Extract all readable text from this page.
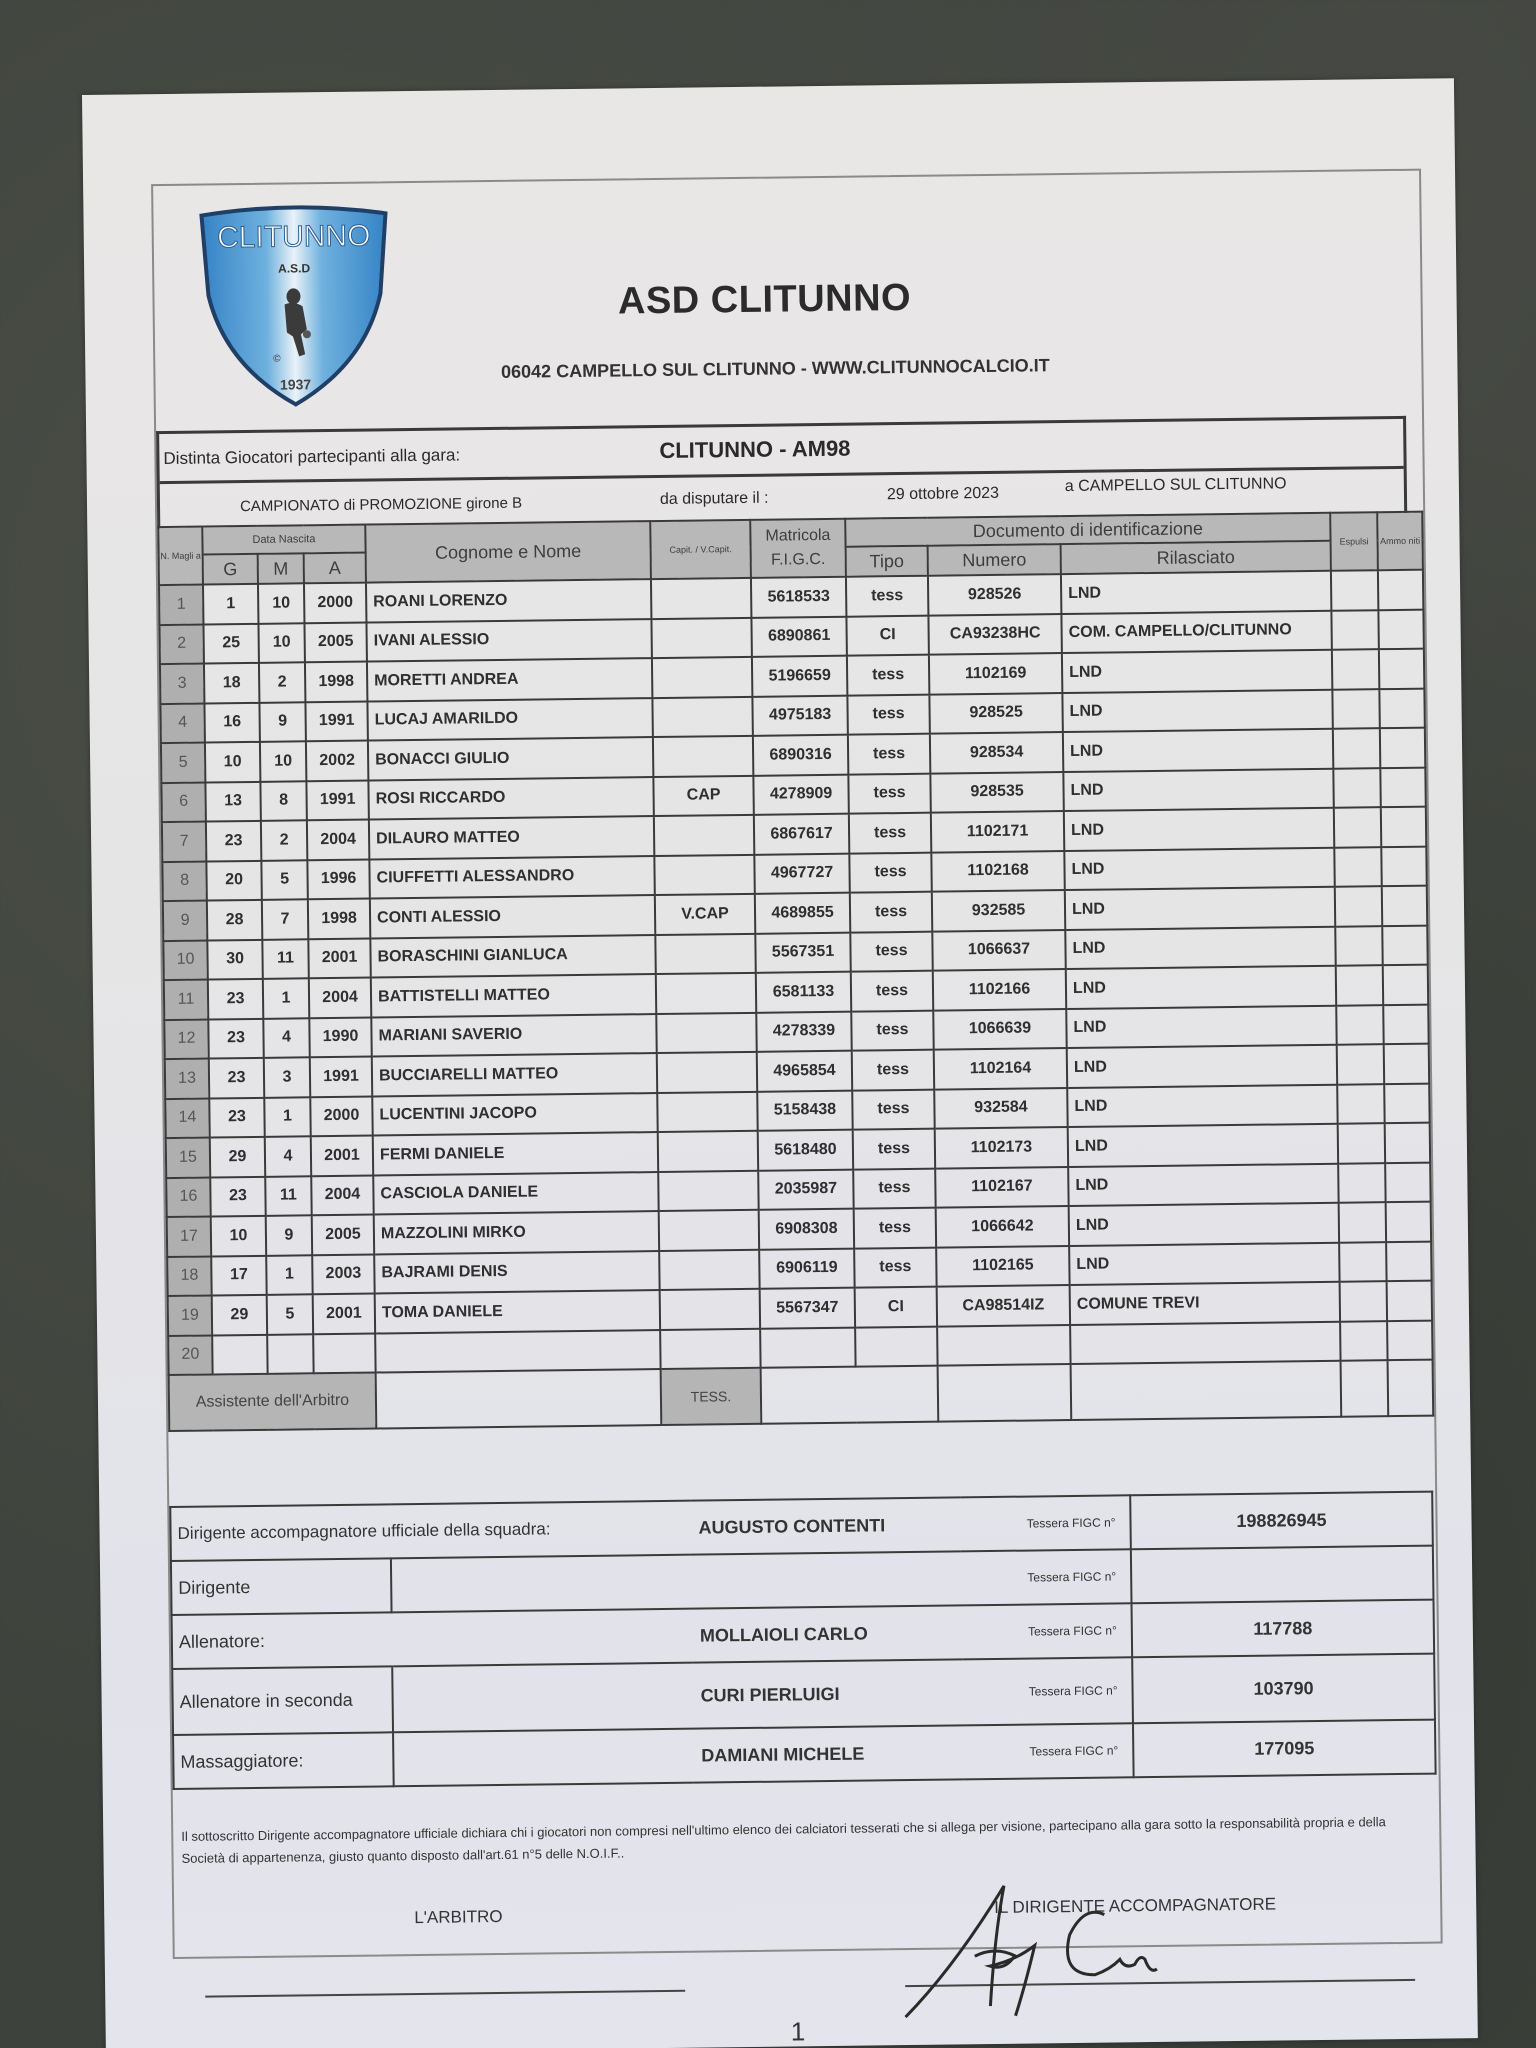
CLITUNNO
A.S.D
©
1937
ASD CLITUNNO
06042 CAMPELLO SUL CLITUNNO - WWW.CLITUNNOCALCIO.IT
Distinta Giocatori partecipanti alla gara:	CLITUNNO - AM98
CAMPIONATO di PROMOZIONE girone B	da disputare il :	29 ottobre 2023	a CAMPELLO SUL CLITUNNO
N. Magli a	Data Nascita			Cognome e Nome	Capit. / V.Capit.	Matricola F.I.G.C.	Documento di identificazione			Espulsi	Ammo niti
	G	M	A				Tipo	Numero	Rilasciato		
1	1	10	2000	ROANI LORENZO		5618533	tess	928526	LND		
2	25	10	2005	IVANI ALESSIO		6890861	CI	CA93238HC	COM. CAMPELLO/CLITUNNO		
3	18	2	1998	MORETTI ANDREA		5196659	tess	1102169	LND		
4	16	9	1991	LUCAJ AMARILDO		4975183	tess	928525	LND		
5	10	10	2002	BONACCI GIULIO		6890316	tess	928534	LND		
6	13	8	1991	ROSI RICCARDO	CAP	4278909	tess	928535	LND		
7	23	2	2004	DILAURO MATTEO		6867617	tess	1102171	LND		
8	20	5	1996	CIUFFETTI ALESSANDRO		4967727	tess	1102168	LND		
9	28	7	1998	CONTI ALESSIO	V.CAP	4689855	tess	932585	LND		
10	30	11	2001	BORASCHINI GIANLUCA		5567351	tess	1066637	LND		
11	23	1	2004	BATTISTELLI MATTEO		6581133	tess	1102166	LND		
12	23	4	1990	MARIANI SAVERIO		4278339	tess	1066639	LND		
13	23	3	1991	BUCCIARELLI MATTEO		4965854	tess	1102164	LND		
14	23	1	2000	LUCENTINI JACOPO		5158438	tess	932584	LND		
15	29	4	2001	FERMI DANIELE		5618480	tess	1102173	LND		
16	23	11	2004	CASCIOLA DANIELE		2035987	tess	1102167	LND		
17	10	9	2005	MAZZOLINI MIRKO		6908308	tess	1066642	LND		
18	17	1	2003	BAJRAMI DENIS		6906119	tess	1102165	LND		
19	29	5	2001	TOMA DANIELE		5567347	CI	CA98514IZ	COMUNE TREVI		
20											
Assistente dell'Arbitro					TESS.						
Dirigente accompagnatore ufficiale della squadra:		AUGUSTO CONTENTI	Tessera FIGC n°	198826945
Dirigente			Tessera FIGC n°	
Allenatore:		MOLLAIOLI CARLO	Tessera FIGC n°	117788
Allenatore in seconda		CURI PIERLUIGI	Tessera FIGC n°	103790
Massaggiatore:		DAMIANI MICHELE	Tessera FIGC n°	177095
Il sottoscritto Dirigente accompagnatore ufficiale dichiara chi i giocatori non compresi nell'ultimo elenco dei calciatori tesserati che si allega per visione, partecipano alla gara sotto la responsabilità propria e della Società di appartenenza, giusto quanto disposto dall'art.61 n°5 delle N.O.I.F..
L'ARBITRO
IL DIRIGENTE ACCOMPAGNATORE
1
